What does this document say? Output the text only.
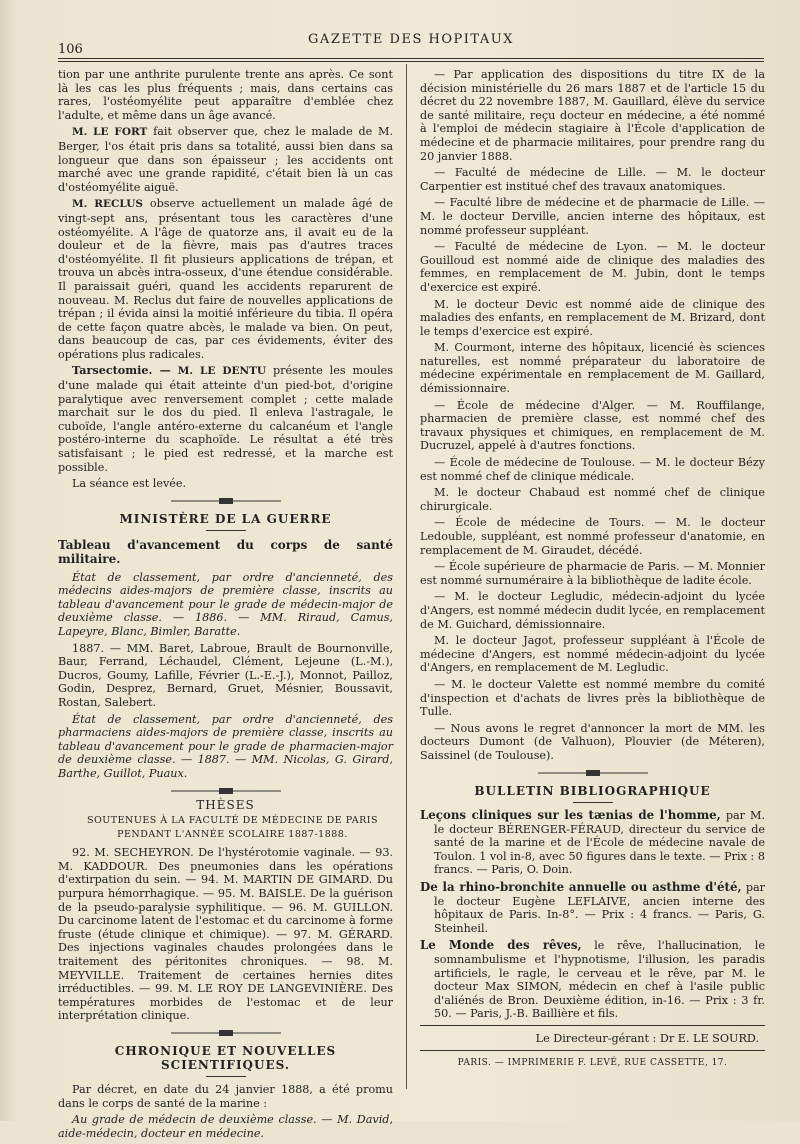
106
GAZETTE DES HOPITAUX

tion par une anthrite purulente trente ans après. Ce sont là les cas les plus fréquents ; mais, dans certains cas rares, l'ostéomyélite peut apparaître d'emblée chez l'adulte, et même dans un âge avancé.

M. LE FORT fait observer que, chez le malade de M. Berger, l'os était pris dans sa totalité, aussi bien dans sa longueur que dans son épaisseur ; les accidents ont marché avec une grande rapidité, c'était bien là un cas d'ostéomyélite aiguë.

M. RECLUS observe actuellement un malade âgé de vingt-sept ans, présentant tous les caractères d'une ostéomyélite. A l'âge de quatorze ans, il avait eu de la douleur et de la fièvre, mais pas d'autres traces d'ostéomyélite. Il fit plusieurs applications de trépan, et trouva un abcès intra-osseux, d'une étendue considérable. Il paraissait guéri, quand les accidents reparurent de nouveau. M. Reclus dut faire de nouvelles applications de trépan ; il évida ainsi la moitié inférieure du tibia. Il opéra de cette façon quatre abcès, le malade va bien. On peut, dans beaucoup de cas, par ces évidements, éviter des opérations plus radicales.

Tarsectomie. — M. LE DENTU présente les moules d'une malade qui était atteinte d'un pied-bot, d'origine paralytique avec renversement complet ; cette malade marchait sur le dos du pied. Il enleva l'astragale, le cuboïde, l'angle antéro-externe du calcanéum et l'angle postéro-interne du scaphoïde. Le résultat a été très satisfaisant ; le pied est redressé, et la marche est possible.

La séance est levée.

MINISTÈRE DE LA GUERRE
Tableau d'avancement du corps de santé militaire.

État de classement, par ordre d'ancienneté, des médecins aides-majors de première classe, inscrits au tableau d'avancement pour le grade de médecin-major de deuxième classe. — 1886. — MM. Riraud, Camus, Lapeyre, Blanc, Bimler, Baratte.

1887. — MM. Baret, Labroue, Brault de Bournonville, Baur, Ferrand, Léchaudel, Clément, Lejeune (L.-M.), Ducros, Goumy, Lafille, Février (L.-E.-J.), Monnot, Pailloz, Godin, Desprez, Bernard, Gruet, Mésnier, Boussavit, Rostan, Salebert.

État de classement, par ordre d'ancienneté, des pharmaciens aides-majors de première classe, inscrits au tableau d'avancement pour le grade de pharmacien-major de deuxième classe. — 1887. — MM. Nicolas, G. Girard, Barthe, Guillot, Puaux.

THÈSES

SOUTENUES À LA FACULTÉ DE MÉDECINE DE PARIS

PENDANT L'ANNÉE SCOLAIRE 1887-1888.

92. M. SECHEYRON. De l'hystérotomie vaginale. — 93. M. KADDOUR. Des pneumonies dans les opérations d'extirpation du sein. — 94. M. MARTIN DE GIMARD. Du purpura hémorrhagique. — 95. M. BAISLE. De la guérison de la pseudo-paralysie syphilitique. — 96. M. GUILLON. Du carcinome latent de l'estomac et du carcinome à forme fruste (étude clinique et chimique). — 97. M. GÉRARD. Des injections vaginales chaudes prolongées dans le traitement des péritonites chroniques. — 98. M. MEYVILLE. Traitement de certaines hernies dites irréductibles. — 99. M. LE ROY DE LANGEVINIÈRE. Des températures morbides de l'estomac et de leur interprétation clinique.

CHRONIQUE ET NOUVELLES SCIENTIFIQUES.

Par décret, en date du 24 janvier 1888, a été promu dans le corps de santé de la marine :

Au grade de médecin de deuxième classe. — M. David, aide-médecin, docteur en médecine.

— Par application des dispositions du titre IX de la décision ministérielle du 26 mars 1887 et de l'article 15 du décret du 22 novembre 1887, M. Gauillard, élève du service de santé militaire, reçu docteur en médecine, a été nommé à l'emploi de médecin stagiaire à l'École d'application de médecine et de pharmacie militaires, pour prendre rang du 20 janvier 1888.

— Faculté de médecine de Lille. — M. le docteur Carpentier est institué chef des travaux anatomiques.

— Faculté libre de médecine et de pharmacie de Lille. — M. le docteur Derville, ancien interne des hôpitaux, est nommé professeur suppléant.

— Faculté de médecine de Lyon. — M. le docteur Gouilloud est nommé aide de clinique des maladies des femmes, en remplacement de M. Jubin, dont le temps d'exercice est expiré.

M. le docteur Devic est nommé aide de clinique des maladies des enfants, en remplacement de M. Brizard, dont le temps d'exercice est expiré.

M. Courmont, interne des hôpitaux, licencié ès sciences naturelles, est nommé préparateur du laboratoire de médecine expérimentale en remplacement de M. Gaillard, démissionnaire.

— École de médecine d'Alger. — M. Rouffilange, pharmacien de première classe, est nommé chef des travaux physiques et chimiques, en remplacement de M. Ducruzel, appelé à d'autres fonctions.

— École de médecine de Toulouse. — M. le docteur Bézy est nommé chef de clinique médicale.

M. le docteur Chabaud est nommé chef de clinique chirurgicale.

— École de médecine de Tours. — M. le docteur Ledouble, suppléant, est nommé professeur d'anatomie, en remplacement de M. Giraudet, décédé.

— École supérieure de pharmacie de Paris. — M. Monnier est nommé surnuméraire à la bibliothèque de ladite école.

— M. le docteur Legludic, médecin-adjoint du lycée d'Angers, est nommé médecin dudit lycée, en remplacement de M. Guichard, démissionnaire.

M. le docteur Jagot, professeur suppléant à l'École de médecine d'Angers, est nommé médecin-adjoint du lycée d'Angers, en remplacement de M. Legludic.

— M. le docteur Valette est nommé membre du comité d'inspection et d'achats de livres près la bibliothèque de Tulle.

— Nous avons le regret d'annoncer la mort de MM. les docteurs Dumont (de Valhuon), Plouvier (de Méteren), Saissinel (de Toulouse).

BULLETIN BIBLIOGRAPHIQUE

Leçons cliniques sur les tænias de l'homme, par M. le docteur BÉRENGER-FÉRAUD, directeur du service de santé de la marine et de l'École de médecine navale de Toulon. 1 vol in-8, avec 50 figures dans le texte. — Prix : 8 francs. — Paris, O. Doin.

De la rhino-bronchite annuelle ou asthme d'été, par le docteur Eugène LEFLAIVE, ancien interne des hôpitaux de Paris. In-8°. — Prix : 4 francs. — Paris, G. Steinheil.

Le Monde des rêves, le rêve, l'hallucination, le somnambulisme et l'hypnotisme, l'illusion, les paradis artificiels, le ragle, le cerveau et le rêve, par M. le docteur Max SIMON, médecin en chef à l'asile public d'aliénés de Bron. Deuxième édition, in-16. — Prix : 3 fr. 50. — Paris, J.-B. Baillière et fils.

Le Directeur-gérant : Dr E. LE SOURD.
PARIS. — IMPRIMERIE F. LEVÉ, RUE CASSETTE, 17.
